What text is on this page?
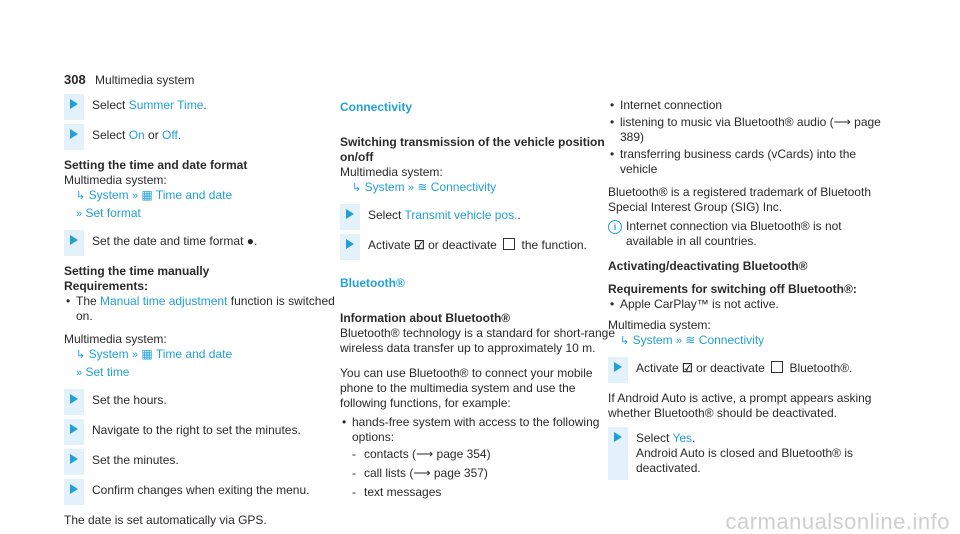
308 Multimedia system
Select Summer Time.
Select On or Off.
Setting the time and date format
Multimedia system:
↳ System » ▦ Time and date
» Set format
Set the date and time format ●.
Setting the time manually
Requirements:
• The Manual time adjustment function is switched on.
Multimedia system:
↳ System » ▦ Time and date
» Set time
Set the hours.
Navigate to the right to set the minutes.
Set the minutes.
Confirm changes when exiting the menu.
The date is set automatically via GPS.
Connectivity
Switching transmission of the vehicle position on/off
Multimedia system:
↳ System » ≋ Connectivity
Select Transmit vehicle pos..
Activate ☑ or deactivate  the function.
Bluetooth®
Information about Bluetooth®
Bluetooth® technology is a standard for short-range wireless data transfer up to approximately 10 m.
You can use Bluetooth® to connect your mobile phone to the multimedia system and use the following functions, for example:
• hands-free system with access to the following options:
- contacts (⟶ page 354)
- call lists (⟶ page 357)
- text messages
• Internet connection
• listening to music via Bluetooth® audio (⟶ page 389)
• transferring business cards (vCards) into the vehicle
Bluetooth® is a registered trademark of Bluetooth Special Interest Group (SIG) Inc.
i Internet connection via Bluetooth® is not available in all countries.
Activating/deactivating Bluetooth®
Requirements for switching off Bluetooth®:
• Apple CarPlay™ is not active.
Multimedia system:
↳ System » ≋ Connectivity
Activate ☑ or deactivate  Bluetooth®.
If Android Auto is active, a prompt appears asking whether Bluetooth® should be deactivated.
Select Yes.
Android Auto is closed and Bluetooth® is deactivated.
carmanualsonline.info
